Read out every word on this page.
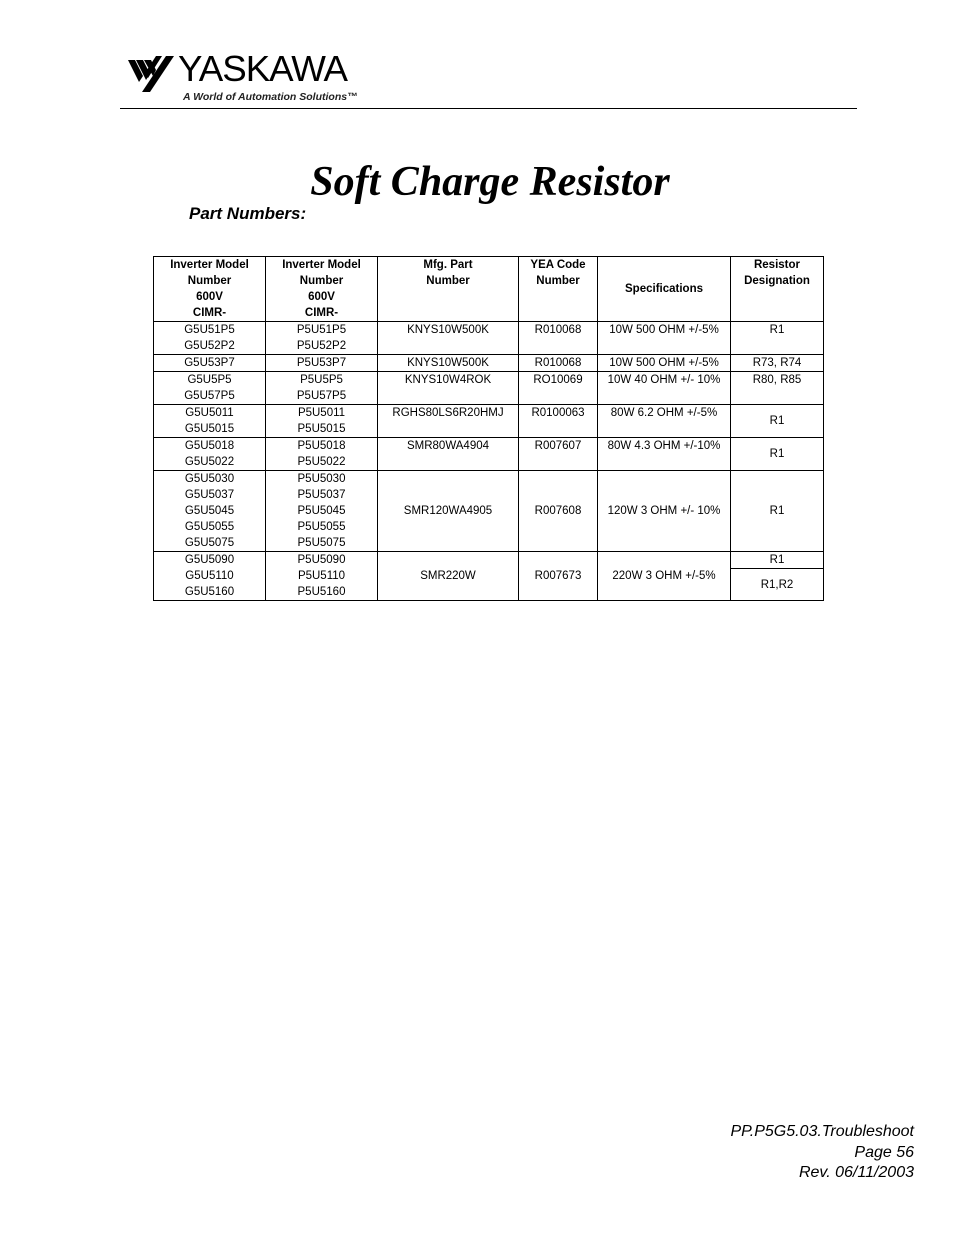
YASKAWA
A World of Automation Solutions™
Soft Charge Resistor
Part Numbers:
Inverter Model
Number
600V
CIMR-	Inverter Model
Number
600V
CIMR-	Mfg. Part
Number	YEA Code
Number	Specifications	Resistor
Designation

G5U51P5
G5U52P2	P5U51P5
P5U52P2	KNYS10W500K	R010068	10W 500 OHM +/-5%	R1

G5U53P7	P5U53P7	KNYS10W500K	R010068	10W 500 OHM +/-5%	R73, R74

G5U5P5
G5U57P5	P5U5P5
P5U57P5	KNYS10W4ROK	RO10069	10W 40 OHM +/- 10%	R80, R85

G5U5011
G5U5015	P5U5011
P5U5015	RGHS80LS6R20HMJ	R0100063	80W 6.2 OHM +/-5%	R1

G5U5018
G5U5022	P5U5018
P5U5022	SMR80WA4904	R007607	80W 4.3 OHM +/-10%	R1

G5U5030
G5U5037
G5U5045
G5U5055
G5U5075	P5U5030
P5U5037
P5U5045
P5U5055
P5U5075	SMR120WA4905	R007608	120W 3 OHM +/- 10%	R1

G5U5090
G5U5110
G5U5160	P5U5090
P5U5110
P5U5160	SMR220W	R007673	220W 3 OHM +/-5%	R1
					R1,R2
PP.P5G5.03.Troubleshoot
Page 56
Rev. 06/11/2003
